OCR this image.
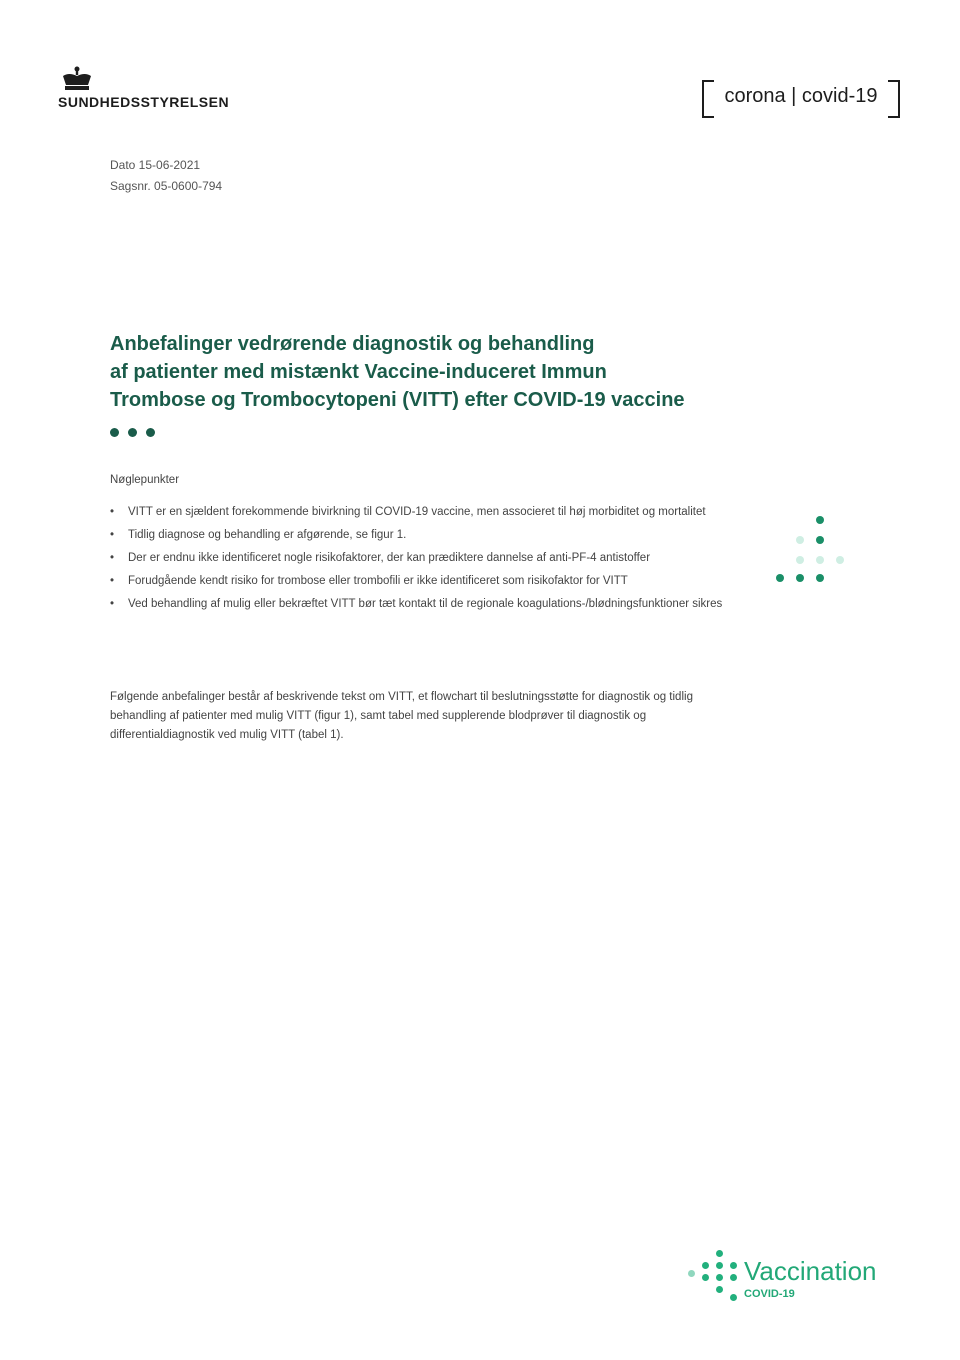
SUNDHEDSSTYRELSEN	corona | covid-19
Dato 15-06-2021
Sagsnr. 05-0600-794
Anbefalinger vedrørende diagnostik og behandling
af patienter med mistænkt Vaccine-induceret Immun
Trombose og Trombocytopeni (VITT) efter COVID-19 vaccine
Nøglepunkter
• VITT er en sjældent forekommende bivirkning til COVID-19 vaccine, men associeret til høj morbiditet og mortalitet
• Tidlig diagnose og behandling er afgørende, se figur 1.
• Der er endnu ikke identificeret nogle risikofaktorer, der kan prædiktere dannelse af anti-PF-4 antistoffer
• Forudgående kendt risiko for trombose eller trombofili er ikke identificeret som risikofaktor for VITT
• Ved behandling af mulig eller bekræftet VITT bør tæt kontakt til de regionale koagulations-/blødningsfunktioner sikres

Følgende anbefalinger består af beskrivende tekst om VITT, et flowchart til beslutningsstøtte for diagnostik og tidlig behandling af patienter med mulig VITT (figur 1), samt tabel med supplerende blodprøver til diagnostik og differentialdiagnostik ved mulig VITT (tabel 1).

Vaccination
COVID-19
